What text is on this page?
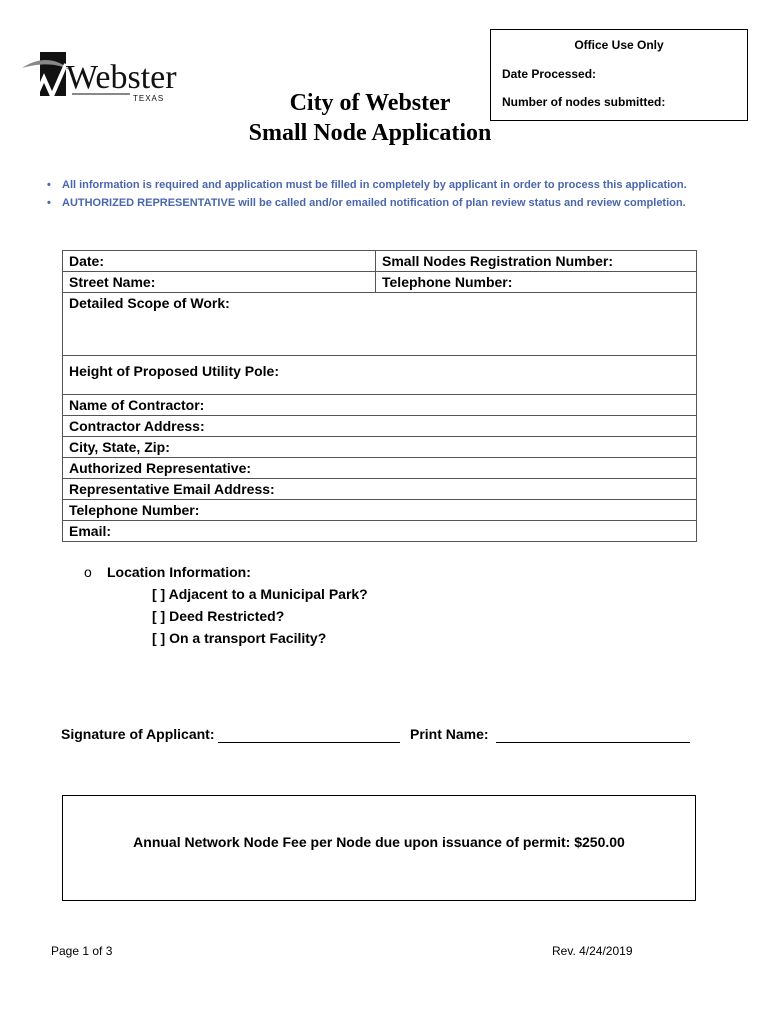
Webster
TEXAS	City of Webster
Small Node Application
Office Use Only
Date Processed:
Number of nodes submitted:
• All information is required and application must be filled in completely by applicant in order to process this application.
• AUTHORIZED REPRESENTATIVE will be called and/or emailed notification of plan review status and review completion.
Date:	Small Nodes Registration Number:
Street Name:	Telephone Number:
Detailed Scope of Work:	
Height of Proposed Utility Pole:	
Name of Contractor:	
Contractor Address:	
City, State, Zip:	
Authorized Representative:	
Representative Email Address:	
Telephone Number:	
Email:	
o Location Information:
[ ] Adjacent to a Municipal Park?
[ ] Deed Restricted?
[ ] On a transport Facility?
Signature of Applicant:	Print Name:
Annual Network Node Fee per Node due upon issuance of permit: $250.00
Page 1 of 3	Rev. 4/24/2019
